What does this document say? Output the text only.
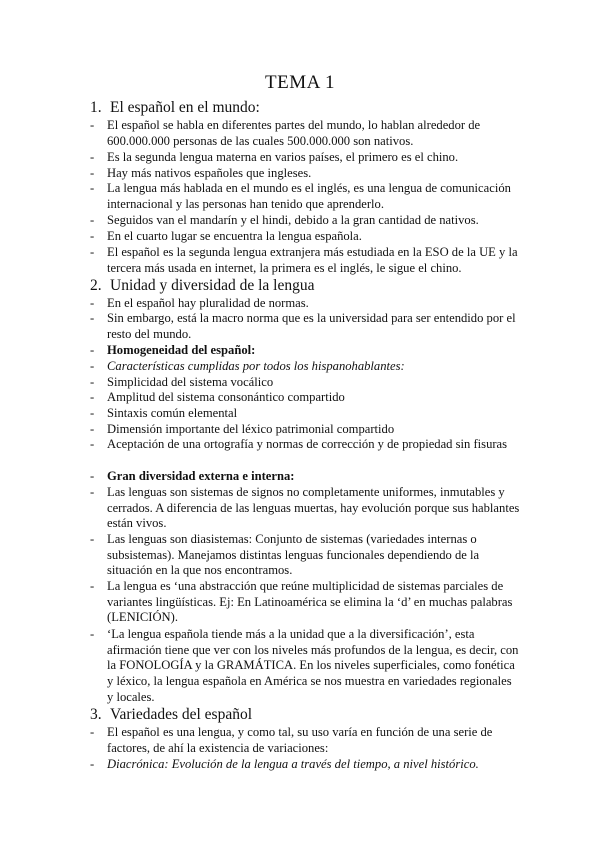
TEMA 1
1. El español en el mundo:
- El español se habla en diferentes partes del mundo, lo hablan alrededor de 600.000.000 personas de las cuales 500.000.000 son nativos.
- Es la segunda lengua materna en varios países, el primero es el chino.
- Hay más nativos españoles que ingleses.
- La lengua más hablada en el mundo es el inglés, es una lengua de comunicación internacional y las personas han tenido que aprenderlo.
- Seguidos van el mandarín y el hindi, debido a la gran cantidad de nativos.
- En el cuarto lugar se encuentra la lengua española.
- El español es la segunda lengua extranjera más estudiada en la ESO de la UE y la tercera más usada en internet, la primera es el inglés, le sigue el chino.
2. Unidad y diversidad de la lengua
- En el español hay pluralidad de normas.
- Sin embargo, está la macro norma que es la universidad para ser entendido por el resto del mundo.
- Homogeneidad del español:
- Características cumplidas por todos los hispanohablantes:
- Simplicidad del sistema vocálico
- Amplitud del sistema consonántico compartido
- Sintaxis común elemental
- Dimensión importante del léxico patrimonial compartido
- Aceptación de una ortografía y normas de corrección y de propiedad sin fisuras
- Gran diversidad externa e interna:
- Las lenguas son sistemas de signos no completamente uniformes, inmutables y cerrados. A diferencia de las lenguas muertas, hay evolución porque sus hablantes están vivos.
- Las lenguas son diasistemas: Conjunto de sistemas (variedades internas o subsistemas). Manejamos distintas lenguas funcionales dependiendo de la situación en la que nos encontramos.
- La lengua es ‘una abstracción que reúne multiplicidad de sistemas parciales de variantes lingüísticas. Ej: En Latinoamérica se elimina la ‘d’ en muchas palabras (LENICIÓN).
- ‘La lengua española tiende más a la unidad que a la diversificación’, esta afirmación tiene que ver con los niveles más profundos de la lengua, es decir, con la FONOLOGÍA y la GRAMÁTICA. En los niveles superficiales, como fonética y léxico, la lengua española en América se nos muestra en variedades regionales y locales.
3. Variedades del español
- El español es una lengua, y como tal, su uso varía en función de una serie de factores, de ahí la existencia de variaciones:
- Diacrónica: Evolución de la lengua a través del tiempo, a nivel histórico.
